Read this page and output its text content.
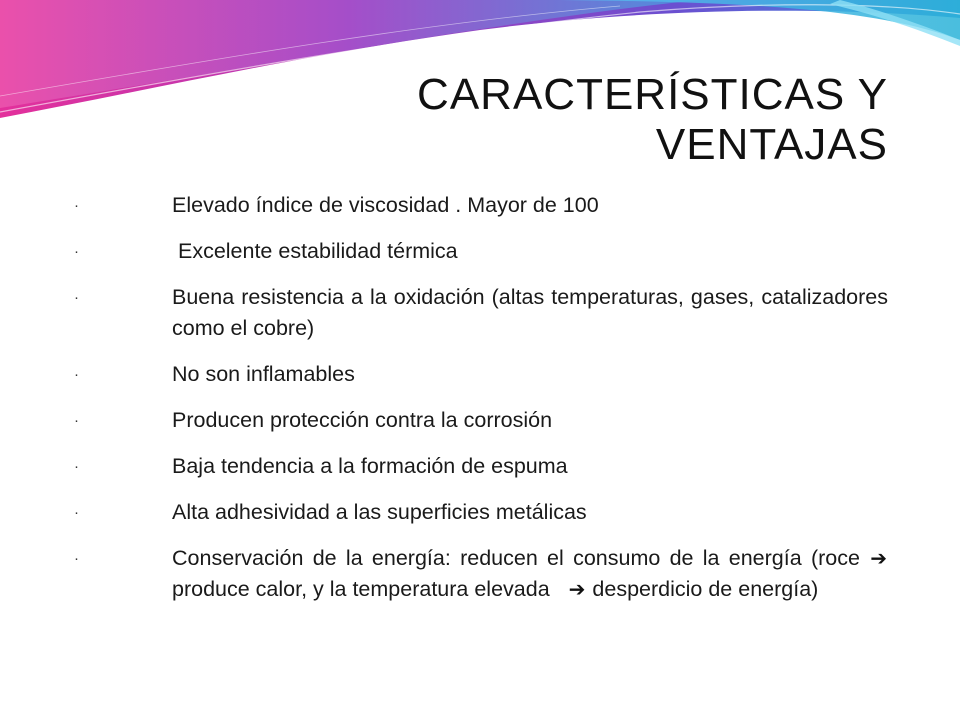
CARACTERÍSTICAS Y
VENTAJAS
·	Elevado índice de viscosidad . Mayor de 100
·	Excelente estabilidad térmica
·	Buena resistencia a la oxidación (altas temperaturas, gases, catalizadores como el cobre)
·	No son inflamables
·	Producen protección contra la corrosión
·	Baja tendencia a la formación de espuma
·	Alta adhesividad a las superficies metálicas
·	Conservación de la energía: reducen el consumo de la energía (roce ➔produce calor, y la temperatura elevada ➔ desperdicio de energía)
